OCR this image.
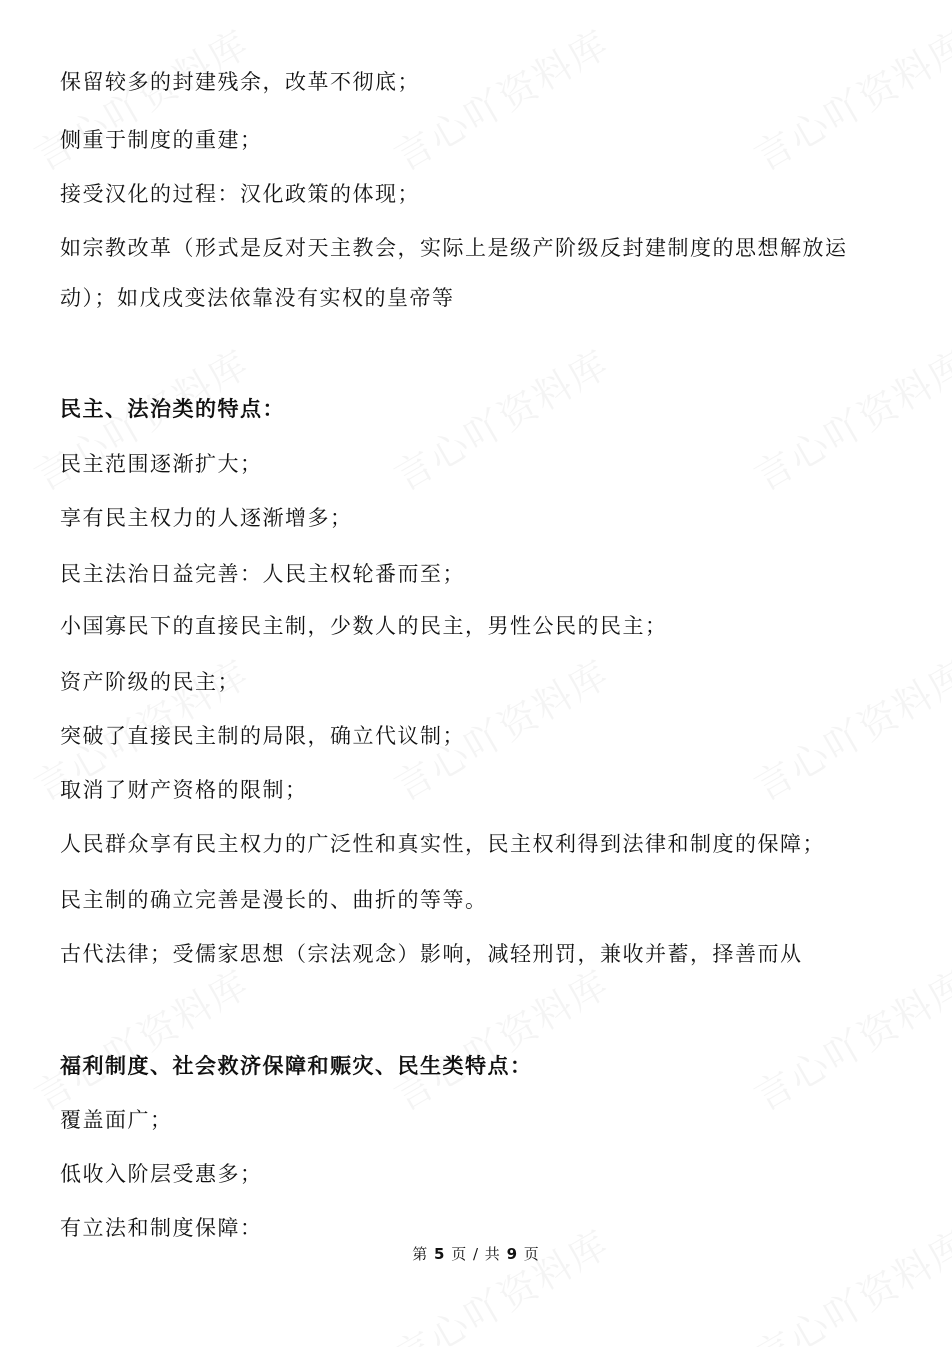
保留较多的封建残余，改革不彻底；
侧重于制度的重建；
接受汉化的过程：汉化政策的体现；
如宗教改革（形式是反对天主教会，实际上是级产阶级反封建制度的思想解放运
动）；如戊戌变法依靠没有实权的皇帝等
民主、法治类的特点：
民主范围逐渐扩大；
享有民主权力的人逐渐增多；
民主法治日益完善：人民主权轮番而至；
小国寡民下的直接民主制，少数人的民主，男性公民的民主；
资产阶级的民主；
突破了直接民主制的局限，确立代议制；
取消了财产资格的限制；
人民群众享有民主权力的广泛性和真实性，民主权利得到法律和制度的保障；
民主制的确立完善是漫长的、曲折的等等。
古代法律；受儒家思想（宗法观念）影响，减轻刑罚，兼收并蓄，择善而从
福利制度、社会救济保障和赈灾、民生类特点：
覆盖面广；
低收入阶层受惠多；
有立法和制度保障：
第 5 页 / 共 9 页
